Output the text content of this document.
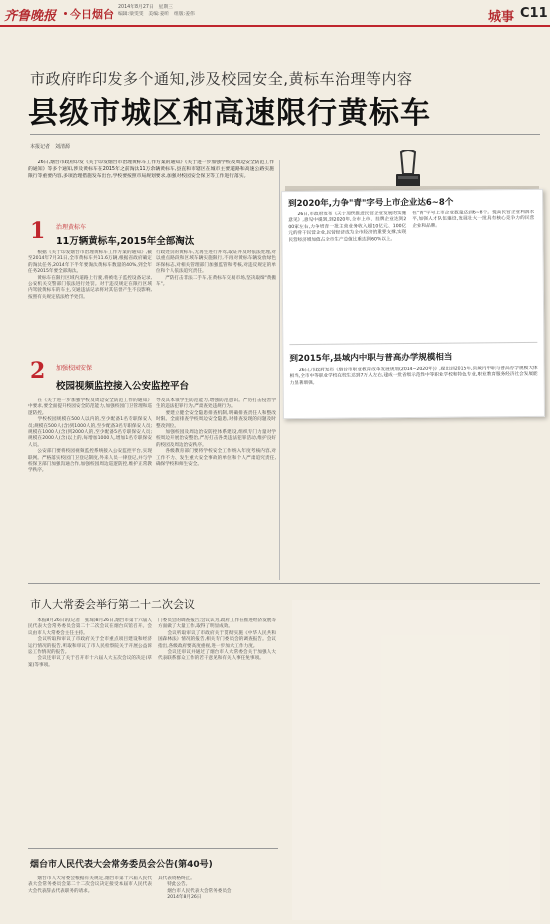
齐鲁晚报 今日烟台
2014年8月27日　星期三
编辑:梁雯雯　美编:姜昕　组版:姜伟	城事 C11
市政府昨印发多个通知,涉及校园安全,黄标车治理等内容
县级市城区和高速限行黄标车
本报记者　刘清源
　　26日,烟台市政府印发《关于印发烟台市治理黄标车工作方案的通知》《关于进一步加强学校及周边安全防范工作的通知》等多个通知,涉及黄标车在2015年之前淘汰11万余辆黄标车,县直和市辖区在城市主要道路和高速公路实施限行等重要内容,多项治理措施发布出台,学校要按照市局规划要求,加强对校园安全保卫等工作进行落实。
1 治理黄标车
11万辆黄标车,2015年全部淘汰
　　根据《关于印发烟台市治理黄标车工作方案的通知》,截至2014年7月31日,全市黄标车共11.6万辆,根据省政府确定的淘汰任务,2014年下半年要淘汰黄标车数量的40%,到全年任务2015年要全部淘汰。
　　黄标车在限行区域内道路上行驶,将被电子监控设备记录,公安机关交警部门依法进行处罚。对于违反规定在限行区域内驾驶黄标车的车主,交通违法记录将对其信誉产生不良影响,按照有关规定依法给予处罚。
行政处罚的黄标车,无再生进行并驾,取证并及时依法处理,对以重点路段和区域车辆实施限行,不再对黄标车辆发放绿色环保标志,对相关管理部门加强监管和考核,对违反规定的单位和个人依法追究责任。
　　严防打击非法二手车,在黄标车交易市场,坚决取缔"黄搬车"。
2 加强校园安保
校园视频监控接入公安监控平台
　　在《关于进一步加强学校及周边安全防范工作的通知》中要求,要全面提升校园安全防范能力,加强校园门卫管理和巡逻防控。
　　学校校园规模在500人以内的,至少配备1名专职保安人员;规模在500人(含)到1000人的,至少配备3名专职保安人员;规模在1000人(含)到2000人的,至少配备5名专职保安人员;规模在2000人(含)以上的,每增加1000人,增加1名专职保安人员。
　　公安部门要将校园视频监控系统接入公安监控平台,实现联网。严格落实校园门卫登记制度,外来人员一律登记,并与学校保卫部门加强沟通合作,加强校园周边巡逻防控,维护正常教学秩序。
导及其本领学生防范能力,增强防范意识。严厉打击侵害学生的违法犯罪行为,严肃查处违规行为。
　　要建立健全安全隐患排查机制,明确排查责任人和整改时限。全面排查学校周边安全隐患,对排查发现的问题及时整改到位。
　　加强校园及周边治安防控体系建设,组织专门力量对学校周边开展治安整治,严厉打击各类违法犯罪活动,维护良好的校园及周边治安秩序。
　　各级教育部门要将学校安全工作纳入年度考核内容,对工作不力、发生重大安全事故的单位和个人严肃追究责任,确保学校和师生安全。
到2020年,力争"青"字号上市企业达6~8个
　　26日,市政府发布《关于加快推进民营企业发展的实施意见》,意见中提到,到2020年,全市上市、挂牌企业达到200家左右,力争培育一批主营业务收入超10亿元、100亿元的骨干民营企业,民营经济成为全市经济的重要支撑,实现民营经济增加值占全市生产总值比重达到60%以上。
在"青"字号上市企业数量达到6~8个。提高民营企业利润水平,加强人才队伍建设,发展壮大一批具有核心竞争力的民营企业和品牌。
到2015年,县域内中职与普高办学规模相当
　　26日,市政府发布《烟台市职业教育改革发展规划(2014~2020年)》,提出到2015年,县域内中职与普高办学规模大体相当,全市中等职业学校在校生达到7万人左右,建成一批省级示范性中等职业学校和特色专业,职业教育服务经济社会发展能力显著增强。
市人大常委会举行第二十二次会议
　　本报8月26日讯(记者　张琛)8月26日,烟台市第十六届人民代表大会常务委员会第二十二次会议在烟台宾馆召开。会议由市人大常委会主任主持。
　　会议听取和审议了市政府关于全市重点项目建设和经济运行情况的报告,听取和审议了市人民检察院关于开展公益诉讼工作情况的报告。
　　会议还审议了关于召开市十六届人大五次会议的决定(草案)等事项。
门委员会的调查报告;会议认为,政府工作在推进经济发展等方面做了大量工作,取得了明显成效。
　　会议听取审议了市政府关于贯彻实施《中华人民共和国森林法》情况的报告,相关专门委员会的调查报告。会议指出,各级政府要高度重视,进一步加大工作力度。
　　会议还审议并通过了烟台市人大常委会关于加强人大代表联系群众工作的若干意见和有关人事任免事项。
烟台市人民代表大会常务委员会公告(第40号)
　　烟台市人大常委会根据有关规定,烟台市第十六届人民代表大会常务委员会第二十二次会议决定接受本届市人民代表大会代表辞去代表职务的请求。
其代表资格终止。
　　特此公告。
　　烟台市人民代表大会常务委员会
　　2014年8月26日
